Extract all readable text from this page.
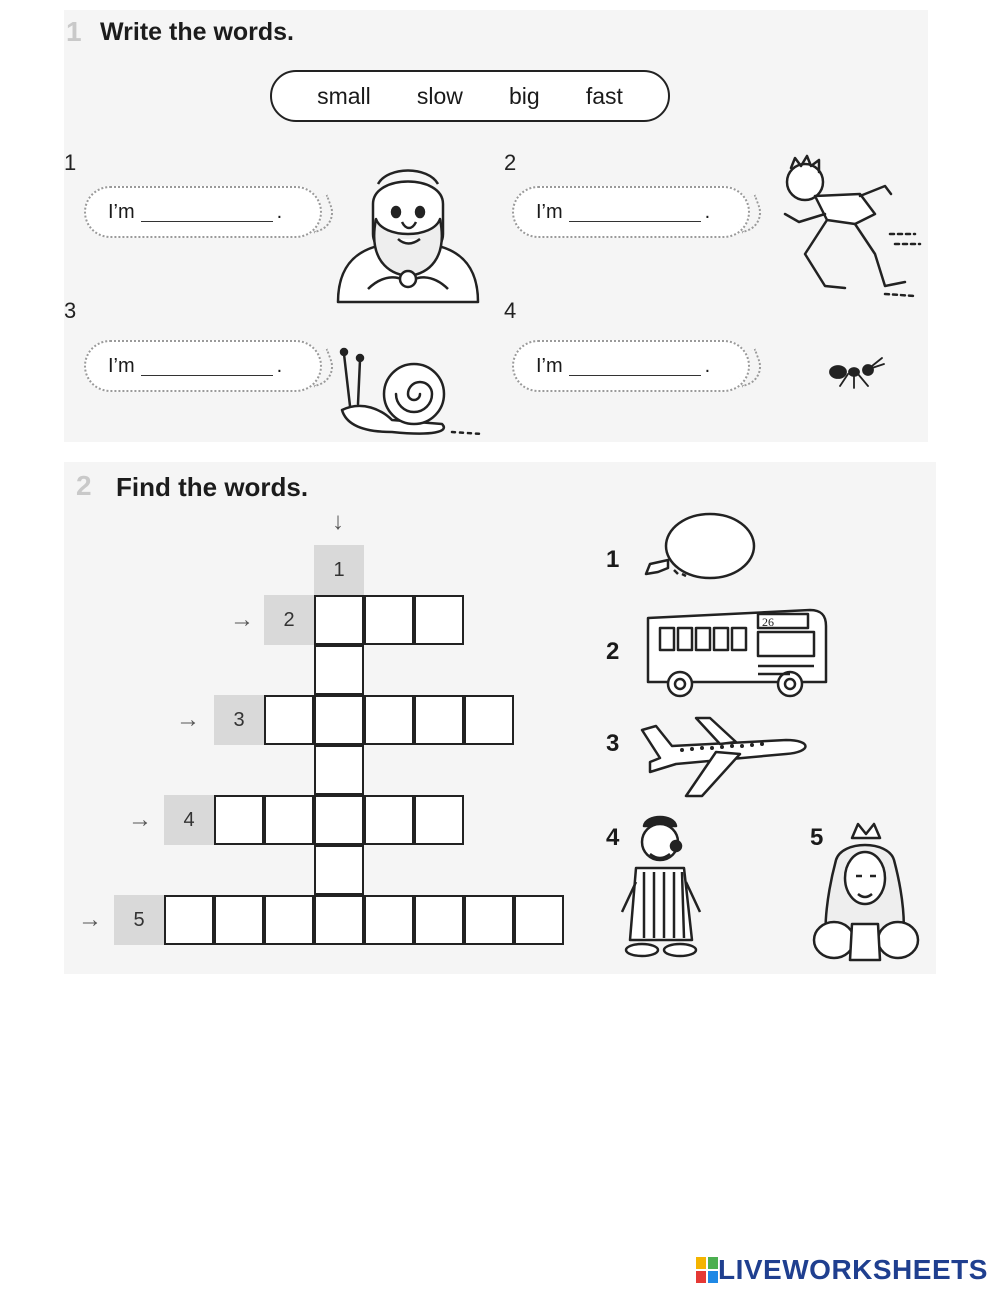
1 Write the words.
small slow big fast
1	2
3	4
I’m	.	I’m	.
I’m	.	I’m	.
2 Find the words.
↓
1
→	2
→	3
→	4
→	5
1
2
3
4	5
26
LIVEWORKSHEETS
